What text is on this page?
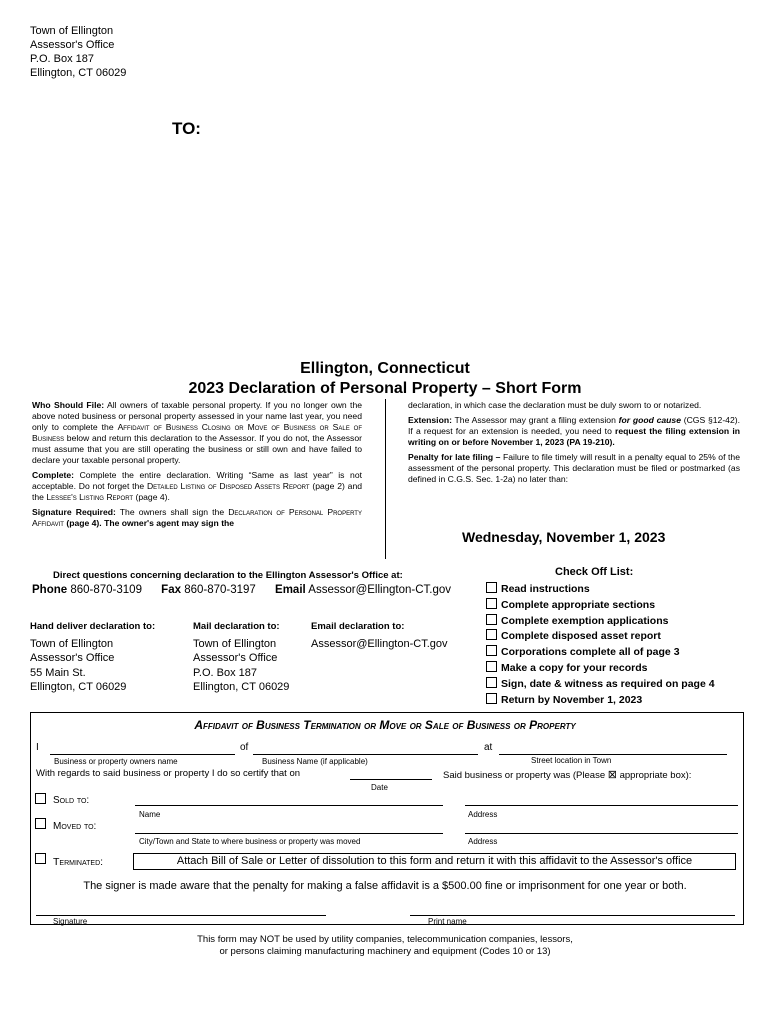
Town of Ellington
Assessor's Office
P.O. Box 187
Ellington, CT 06029
TO:
Ellington, Connecticut
2023 Declaration of Personal Property – Short Form

Who Should File: All owners of taxable personal property. If you no longer own the above noted business or personal property assessed in your name last year, you need only to complete the Affidavit of Business Closing or Move of Business or Sale of Business below and return this declaration to the Assessor. If you do not, the Assessor must assume that you are still operating the business or still own and have failed to declare your taxable personal property.

Complete: Complete the entire declaration. Writing “Same as last year” is not acceptable. Do not forget the Detailed Listing of Disposed Assets Report (page 2) and the Lessee's Listing Report (page 4).

Signature Required: The owners shall sign the Declaration of Personal Property Affidavit (page 4). The owner's agent may sign the

declaration, in which case the declaration must be duly sworn to or notarized.

Extension: The Assessor may grant a filing extension for good cause (CGS §12-42). If a request for an extension is needed, you need to request the filing extension in writing on or before November 1, 2023 (PA 19-210).

Penalty for late filing – Failure to file timely will result in a penalty equal to 25% of the assessment of the personal property. This declaration must be filed or postmarked (as defined in C.G.S. Sec. 1-2a) no later than:

Wednesday, November 1, 2023
Direct questions concerning declaration to the Ellington Assessor's Office at:
Phone 860-870-3109 Fax 860-870-3197 Email Assessor@Ellington-CT.gov
Hand deliver declaration to:
Town of Ellington
Assessor's Office
55 Main St.
Ellington, CT 06029
Mail declaration to:
Town of Ellington
Assessor's Office
P.O. Box 187
Ellington, CT 06029
Email declaration to:
Assessor@Ellington-CT.gov
Check Off List:
Read instructions
Complete appropriate sections
Complete exemption applications
Complete disposed asset report
Corporations complete all of page 3
Make a copy for your records
Sign, date & witness as required on page 4
Return by November 1, 2023
Affidavit of Business Termination or Move or Sale of Business or Property
I	of	at
Business or property owners name	Business Name (if applicable)	Street location in Town
With regards to said business or property I do so certify that on	Said business or property was (Please ⊠ appropriate box):
Date
Sold to:
Name	Address
Moved to:
City/Town and State to where business or property was moved	Address
Terminated:	Attach Bill of Sale or Letter of dissolution to this form and return it with this affidavit to the Assessor's office
The signer is made aware that the penalty for making a false affidavit is a $500.00 fine or imprisonment for one year or both.
Signature	Print name
This form may NOT be used by utility companies, telecommunication companies, lessors,
or persons claiming manufacturing machinery and equipment (Codes 10 or 13)
